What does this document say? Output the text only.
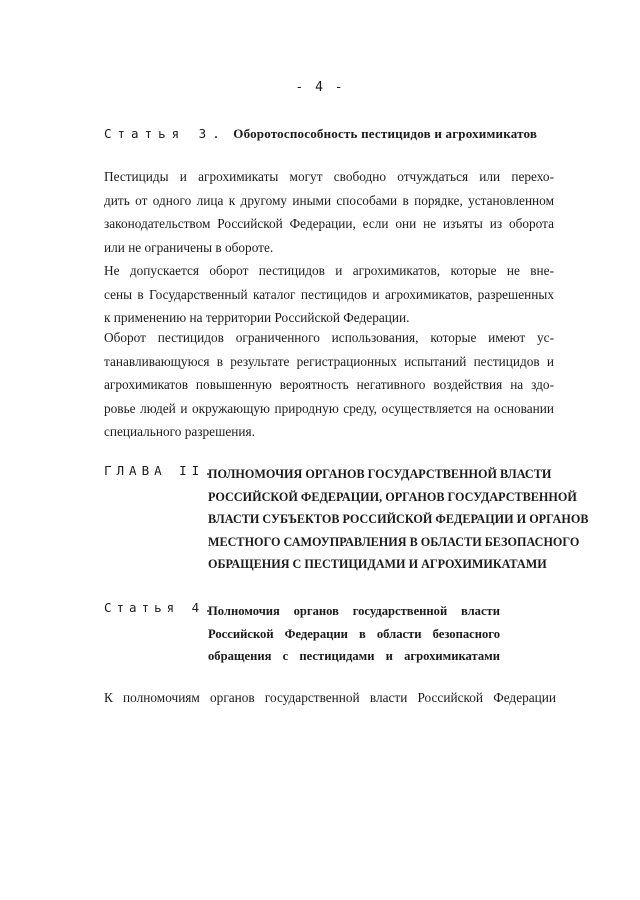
- 4 -
Статья 3. Оборотоспособность пестицидов и агрохимикатов
Пестициды и агрохимикаты могут свободно отчуждаться или перехо-
дить от одного лица к другому иными способами в порядке, установленном
законодательством Российской Федерации, если они не изъяты из оборота
или не ограничены в обороте.
Не допускается оборот пестицидов и агрохимикатов, которые не вне-
сены в Государственный каталог пестицидов и агрохимикатов, разрешенных
к применению на территории Российской Федерации.
Оборот пестицидов ограниченного использования, которые имеют ус-
танавливающуюся в результате регистрационных испытаний пестицидов и
агрохимикатов повышенную вероятность негативного воздействия на здо-
ровье людей и окружающую природную среду, осуществляется на основании
специального разрешения.
ГЛАВА II.
ПОЛНОМОЧИЯ ОРГАНОВ ГОСУДАРСТВЕННОЙ ВЛАСТИ
РОССИЙСКОЙ ФЕДЕРАЦИИ, ОРГАНОВ ГОСУДАРСТВЕННОЙ
ВЛАСТИ СУБЪЕКТОВ РОССИЙСКОЙ ФЕДЕРАЦИИ И ОРГАНОВ
МЕСТНОГО САМОУПРАВЛЕНИЯ В ОБЛАСТИ БЕЗОПАСНОГО
ОБРАЩЕНИЯ С ПЕСТИЦИДАМИ И АГРОХИМИКАТАМИ
Статья 4.
Полномочия органов государственной власти
Российской Федерации в области безопасного
обращения с пестицидами и агрохимикатами
К полномочиям органов государственной власти Российской Федерации
